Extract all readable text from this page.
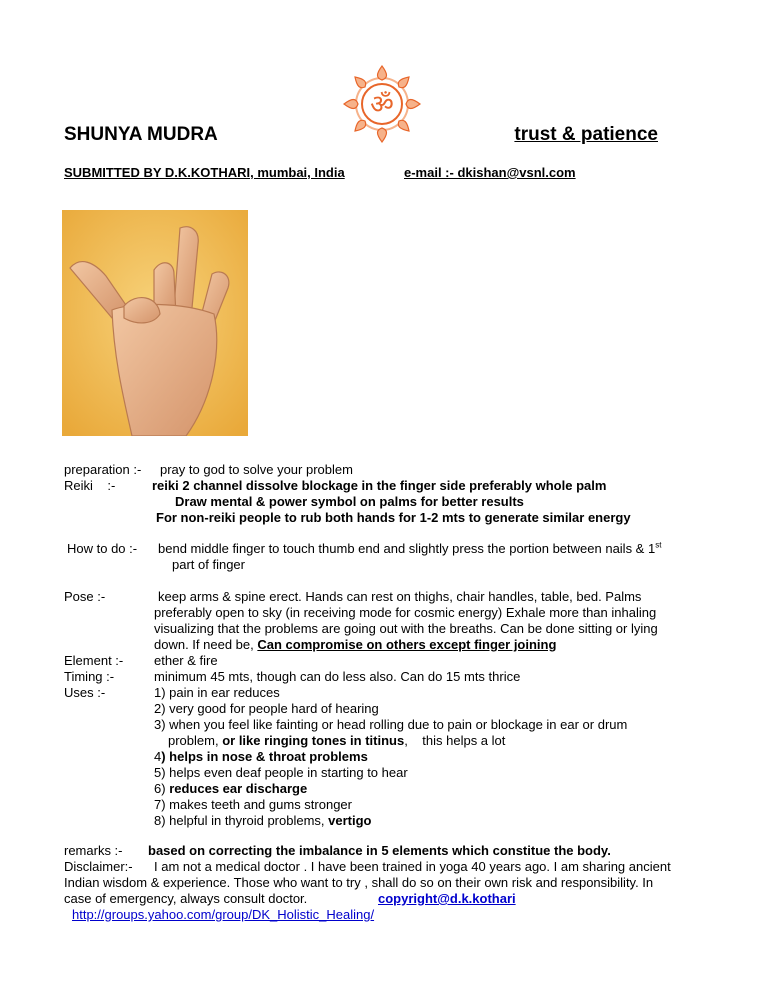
ॐ
SHUNYA MUDRA	trust & patience
SUBMITTED BY D.K.KOTHARI, mumbai, India	e-mail :- dkishan@vsnl.com
preparation :- pray to god to solve your problem
Reiki    :-	reiki 2 channel dissolve blockage in the finger side preferably whole palm
Draw mental & power symbol on palms for better results
For non-reiki people to rub both hands for 1-2 mts to generate similar energy
How to do :- bend middle finger to touch thumb end and slightly press the portion between nails & 1st
part of finger
Pose :-	keep arms & spine erect. Hands can rest on thighs, chair handles, table, bed. Palms
preferably open to sky (in receiving mode for cosmic energy) Exhale more than inhaling
visualizing that the problems are going out with the breaths. Can be done sitting or lying
down. If need be, Can compromise on others except finger joining
Element :- ether & fire
Timing :-	minimum 45 mts, though can do less also. Can do 15 mts thrice
Uses :-	1) pain in ear reduces
2) very good for people hard of hearing
3) when you feel like fainting or head rolling due to pain or blockage in ear or drum
problem, or like ringing tones in titinus,    this helps a lot
4) helps in nose & throat problems
5) helps even deaf people in starting to hear
6) reduces ear discharge
7) makes teeth and gums stronger
8) helpful in thyroid problems, vertigo
remarks :- based on correcting the imbalance in 5 elements which constitue the body.
Disclaimer:- I am not a medical doctor . I have been trained in yoga 40 years ago. I am sharing ancient
Indian wisdom & experience. Those who want to try , shall do so on their own risk and responsibility. In
case of emergency, always consult doctor.	copyright@d.k.kothari
http://groups.yahoo.com/group/DK_Holistic_Healing/
